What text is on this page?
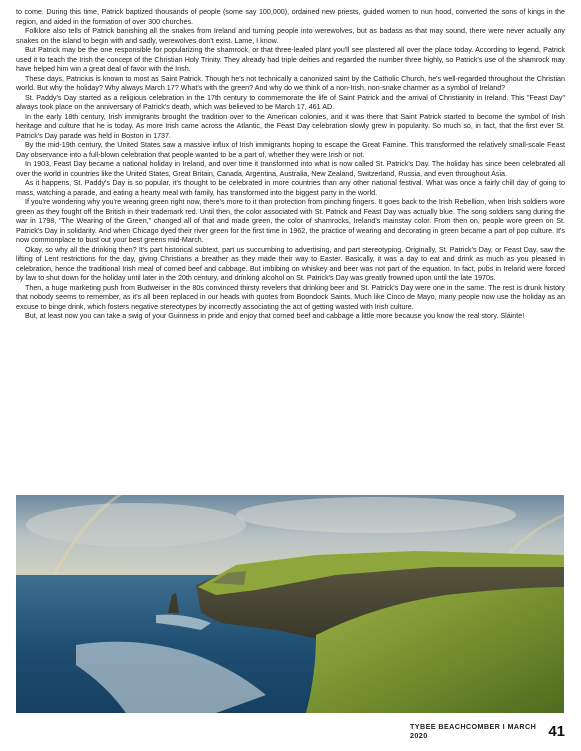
to come. During this time, Patrick baptized thousands of people (some say 100,000), ordained new priests, guided women to nun hood, converted the sons of kings in the region, and aided in the formation of over 300 churches.

Folklore also tells of Patrick banishing all the snakes from Ireland and turning people into werewolves, but as badass as that may sound, there were never actually any snakes on the island to begin with and sadly, werewolves don't exist. Lame, I know.

But Patrick may be the one responsible for popularizing the shamrock, or that three-leafed plant you'll see plastered all over the place today. According to legend, Patrick used it to teach the Irish the concept of the Christian Holy Trinity. They already had triple deities and regarded the number three highly, so Patrick's use of the shamrock may have helped him win a great deal of favor with the Irish.

These days, Patricius is known to most as Saint Patrick. Though he's not technically a canonized saint by the Catholic Church, he's well-regarded throughout the Christian world. But why the holiday? Why always March 17? What's with the green? And why do we think of a non-Irish, non-snake charmer as a symbol of Ireland?

St. Paddy's Day started as a religious celebration in the 17th century to commemorate the life of Saint Patrick and the arrival of Christianity in Ireland. This "Feast Day" always took place on the anniversary of Patrick's death, which was believed to be March 17, 461 AD.

In the early 18th century, Irish immigrants brought the tradition over to the American colonies, and it was there that Saint Patrick started to become the symbol of Irish heritage and culture that he is today. As more Irish came across the Atlantic, the Feast Day celebration slowly grew in popularity. So much so, in fact, that the first ever St. Patrick's Day parade was held in Boston in 1737.

By the mid-19th century, the United States saw a massive influx of Irish immigrants hoping to escape the Great Famine. This transformed the relatively small-scale Feast Day observance into a full-blown celebration that people wanted to be a part of, whether they were Irish or not.

In 1903, Feast Day became a national holiday in Ireland, and over time it transformed into what is now called St. Patrick's Day. The holiday has since been celebrated all over the world in countries like the United States, Great Britain, Canada, Argentina, Australia, New Zealand, Switzerland, Russia, and even throughout Asia.

As it happens, St. Paddy's Day is so popular, it's thought to be celebrated in more countries than any other national festival. What was once a fairly chill day of going to mass, watching a parade, and eating a hearty meal with family, has transformed into the biggest party in the world.

If you're wondering why you're wearing green right now, there's more to it than protection from pinching fingers. It goes back to the Irish Rebellion, when Irish soldiers wore green as they fought off the British in their trademark red. Until then, the color associated with St. Patrick and Feast Day was actually blue. The song soldiers sang during the war in 1798, "The Wearing of the Green," changed all of that and made green, the color of shamrocks, Ireland's mainstay color. From then on, people wore green on St. Patrick's Day in solidarity. And when Chicago dyed their river green for the first time in 1962, the practice of wearing and decorating in green became a part of pop culture. It's now commonplace to bust out your best greens mid-March.

Okay, so why all the drinking then? It's part historical subtext, part us succumbing to advertising, and part stereotyping. Originally, St. Patrick's Day, or Feast Day, saw the lifting of Lent restrictions for the day, giving Christians a breather as they made their way to Easter. Basically, it was a day to eat and drink as much as you pleased in celebration, hence the traditional Irish meal of corned beef and cabbage. But imbibing on whiskey and beer was not part of the equation. In fact, pubs in Ireland were forced by law to shut down for the holiday until later in the 20th century, and drinking alcohol on St. Patrick's Day was greatly frowned upon until the late 1970s.

Then, a huge marketing push from Budweiser in the 80s convinced thirsty revelers that drinking beer and St. Patrick's Day were one in the same. The rest is drunk history that nobody seems to remember, as it's all been replaced in our heads with quotes from Boondock Saints. Much like Cinco de Mayo, many people now use the holiday as an excuse to binge drink, which fosters negative stereotypes by incorrectly associating the act of getting wasted with Irish culture.

But, at least now you can take a swig of your Guinness in pride and enjoy that corned beef and cabbage a little more because you know the real story. Sláinte!

TYBEE BEACHCOMBER I MARCH 2020	41
